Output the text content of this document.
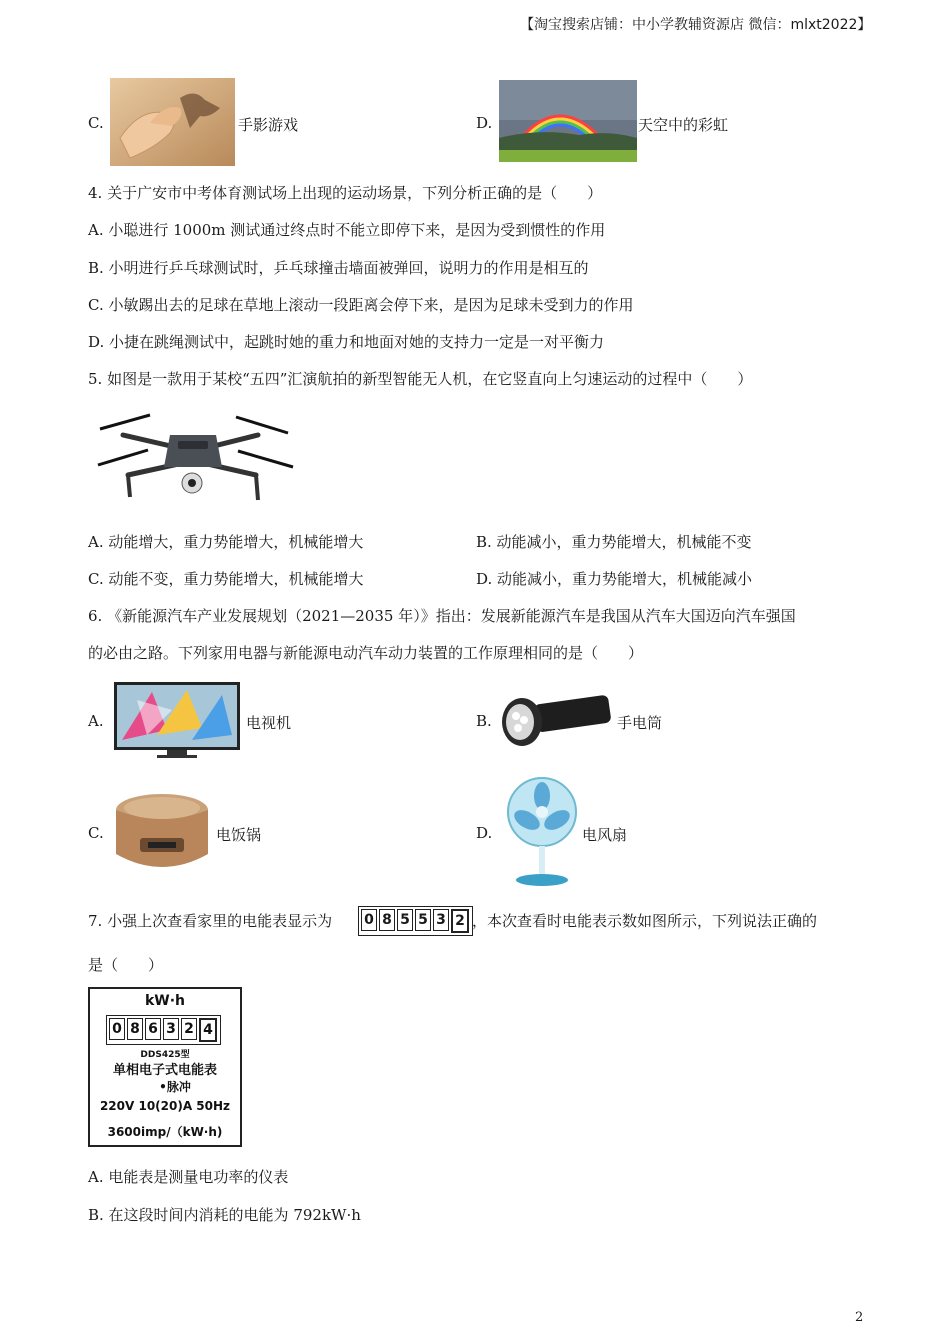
【淘宝搜索店铺：中小学教辅资源店 微信：mlxt2022】
C.	手影游戏	D.	天空中的彩虹
4. 关于广安市中考体育测试场上出现的运动场景，下列分析正确的是（　　）
A. 小聪进行 1000m 测试通过终点时不能立即停下来，是因为受到惯性的作用
B. 小明进行乒乓球测试时，乒乓球撞击墙面被弹回，说明力的作用是相互的
C. 小敏踢出去的足球在草地上滚动一段距离会停下来，是因为足球未受到力的作用
D. 小捷在跳绳测试中，起跳时她的重力和地面对她的支持力一定是一对平衡力
5. 如图是一款用于某校“五四”汇演航拍的新型智能无人机，在它竖直向上匀速运动的过程中（　　）
A. 动能增大，重力势能增大，机械能增大	B. 动能减小，重力势能增大，机械能不变
C. 动能不变，重力势能增大，机械能增大	D. 动能减小，重力势能增大，机械能减小
6. 《新能源汽车产业发展规划（2021—2035 年）》指出：发展新能源汽车是我国从汽车大国迈向汽车强国
的必由之路。下列家用电器与新能源电动汽车动力装置的工作原理相同的是（　　）
A.	电视机	B.	手电筒
C.	电饭锅	D.	电风扇
7. 小强上次查看家里的电能表显示为 0 8 5 5 3 2 ，本次查看时电能表示数如图所示，下列说法正确的
是（　　）
kW·h
0 8 6 3 2 4
DDS425型
单相电子式电能表
•脉冲
220V 10(20)A 50Hz
3600imp/（kW·h)
A. 电能表是测量电功率的仪表
B. 在这段时间内消耗的电能为 792kW·h
2
